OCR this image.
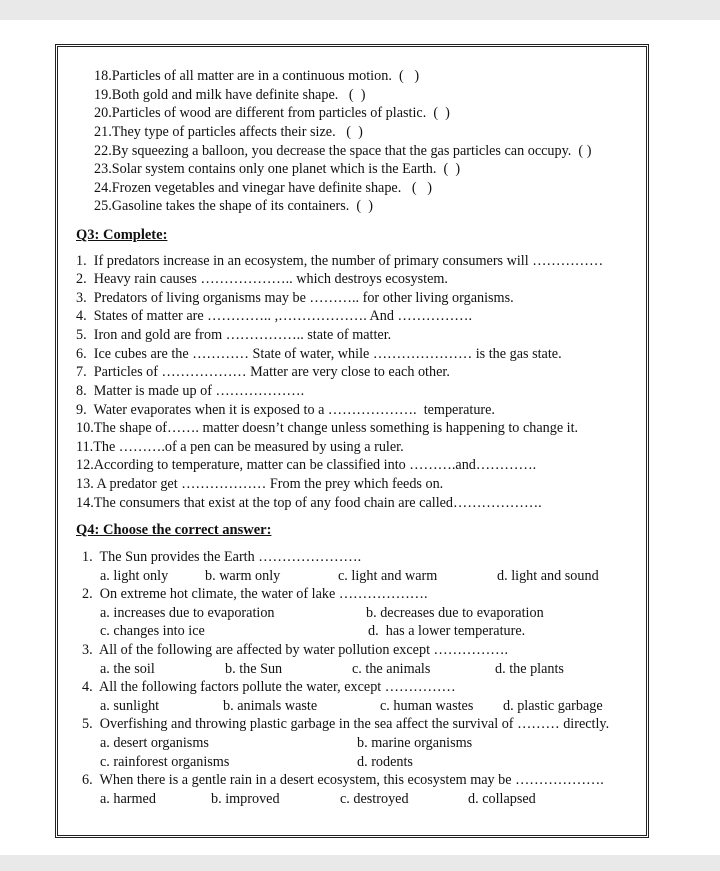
18.Particles of all matter are in a continuous motion.  (   )
19.Both gold and milk have definite shape.   (  )
20.Particles of wood are different from particles of plastic.  (  )
21.They type of particles affects their size.   (  )
22.By squeezing a balloon, you decrease the space that the gas particles can occupy.  ( )
23.Solar system contains only one planet which is the Earth.  (  )
24.Frozen vegetables and vinegar have definite shape.   (   )
25.Gasoline takes the shape of its containers.  (  )
Q3: Complete:
1.  If predators increase in an ecosystem, the number of primary consumers will ……………
2.  Heavy rain causes ……………….. which destroys ecosystem.
3.  Predators of living organisms may be ……….. for other living organisms.
4.  States of matter are ………….. ,………………. And …………….
5.  Iron and gold are from …………….. state of matter.
6.  Ice cubes are the ………… State of water, while ………………… is the gas state.
7.  Particles of ……………… Matter are very close to each other.
8.  Matter is made up of ……………….
9.  Water evaporates when it is exposed to a ……………….  temperature.
10.The shape of……. matter doesn’t change unless something is happening to change it.
11.The ……….of a pen can be measured by using a ruler.
12.According to temperature, matter can be classified into ……….and………….
13. A predator get ……………… From the prey which feeds on.
14.The consumers that exist at the top of any food chain are called……………….
Q4: Choose the correct answer:
1.  The Sun provides the Earth ………………….
a. light only	b. warm only	c. light and warm	d. light and sound
2.  On extreme hot climate, the water of lake ……………….
a. increases due to evaporation	b. decreases due to evaporation
c. changes into ice	d.  has a lower temperature.
3.  All of the following are affected by water pollution except …………….
a. the soil	b. the Sun	c. the animals	d. the plants
4.  All the following factors pollute the water, except ……………
a. sunlight	b. animals waste	c. human wastes d. plastic garbage
5.  Overfishing and throwing plastic garbage in the sea affect the survival of ……… directly.
a. desert organisms	b. marine organisms
c. rainforest organisms	d. rodents
6.  When there is a gentle rain in a desert ecosystem, this ecosystem may be ……………….
a. harmed	b. improved	c. destroyed	d. collapsed
